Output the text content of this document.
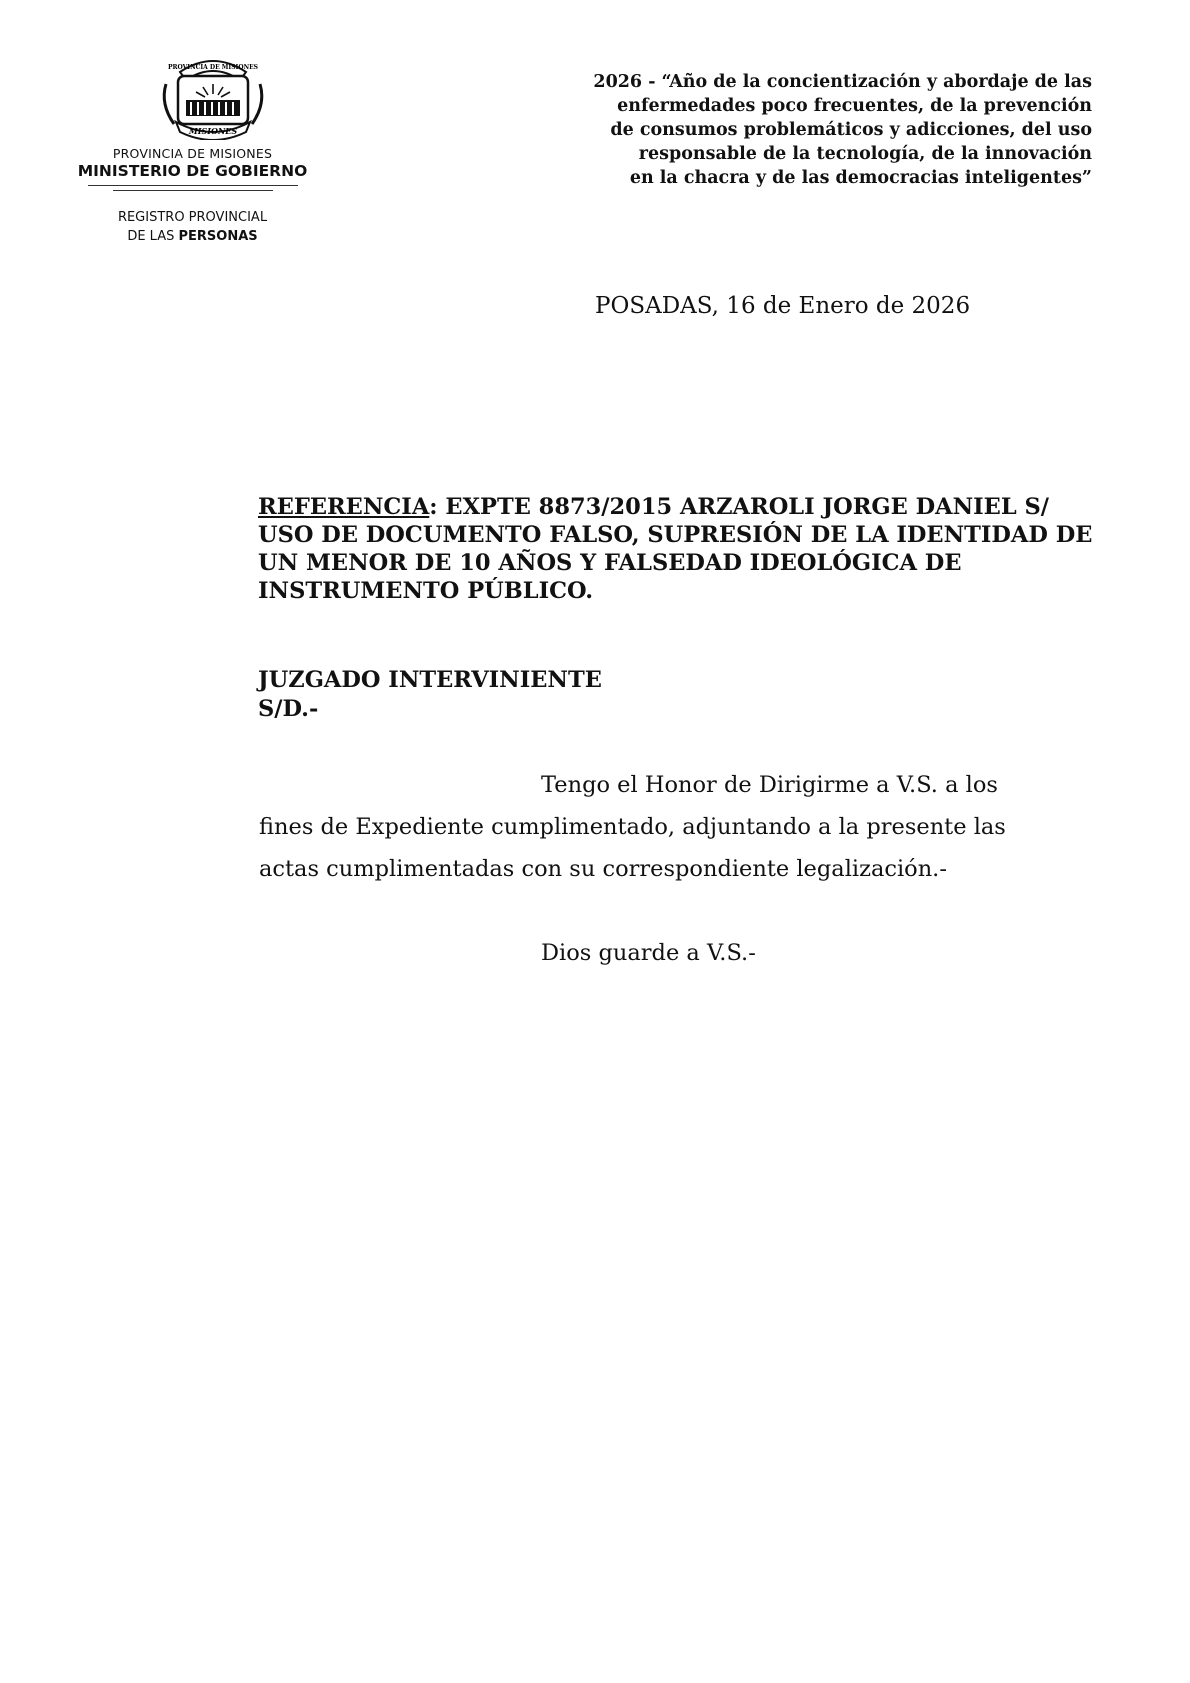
MISIONES
PROVINCIA DE MISIONES
PROVINCIA DE MISIONES
MINISTERIO DE GOBIERNO
REGISTRO PROVINCIAL
DE LAS PERSONAS
2026 - “Año de la concientización y abordaje de las
enfermedades poco frecuentes, de la prevención
de consumos problemáticos y adicciones, del uso
responsable de la tecnología, de la innovación
en la chacra y de las democracias inteligentes”
POSADAS, 16 de Enero de 2026
REFERENCIA: EXPTE 8873/2015 ARZAROLI JORGE DANIEL S/
USO DE DOCUMENTO FALSO, SUPRESIÓN DE LA IDENTIDAD DE
UN MENOR DE 10 AÑOS Y FALSEDAD IDEOLÓGICA DE
INSTRUMENTO PÚBLICO.
JUZGADO INTERVINIENTE
S/D.-
Tengo el Honor de Dirigirme a V.S. a los
fines de Expediente cumplimentado, adjuntando a la presente las
actas cumplimentadas con su correspondiente legalización.-
Dios guarde a V.S.-
